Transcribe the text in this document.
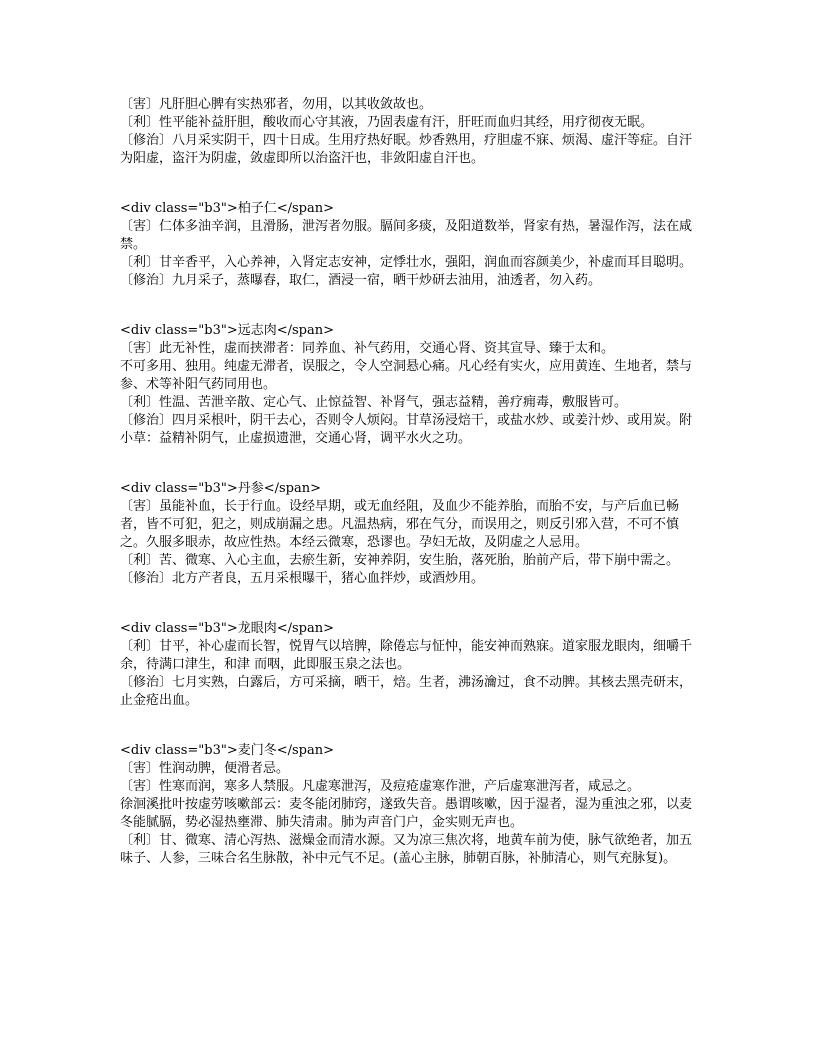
〔害〕凡肝胆心脾有实热邪者，勿用，以其收敛故也。

〔利〕性平能补益肝胆，酸收而心守其液，乃固表虚有汗，肝旺而血归其经，用疗彻夜无眠。

〔修治〕八月采实阴干，四十日成。生用疗热好眠。炒香熟用，疗胆虚不寐、烦渴、虚汗等症。自汗为阳虚，盗汗为阴虚，敛虚即所以治盗汗也，非敛阳虚自汗也。

<div class="b3">柏子仁</span>

〔害〕仁体多油辛润，且滑肠，泄泻者勿服。膈间多痰，及阳道数举，肾家有热，暑湿作泻，法在咸禁。

〔利〕甘辛香平，入心养神，入肾定志安神，定悸壮水，强阳，润血而容颜美少，补虚而耳目聪明。

〔修治〕九月采子，蒸曝舂，取仁，酒浸一宿，晒干炒研去油用，油透者，勿入药。

<div class="b3">远志肉</span>

〔害〕此无补性，虚而挟滞者：同养血、补气药用，交通心肾、资其宣导、臻于太和。

不可多用、独用。纯虚无滞者，误服之，令人空洞悬心痛。凡心经有实火，应用黄连、生地者，禁与参、术等补阳气药同用也。

〔利〕性温、苦泄辛散、定心气、止惊益智、补肾气，强志益精，善疗痈毒，敷服皆可。

〔修治〕四月采根叶，阴干去心，否则令人烦闷。甘草汤浸焙干，或盐水炒、或姜汁炒、或用炭。附小草：益精补阴气，止虚损遗泄，交通心肾，调平水火之功。

<div class="b3">丹参</span>

〔害〕虽能补血，长于行血。设经早期，或无血经阻，及血少不能养胎，而胎不安，与产后血已畅者，皆不可犯，犯之，则成崩漏之患。凡温热病，邪在气分，而误用之，则反引邪入营，不可不慎之。久服多眼赤，故应性热。本经云微寒，恐谬也。孕妇无故，及阴虚之人忌用。

〔利〕苦、微寒、入心主血，去瘀生新，安神养阴，安生胎，落死胎，胎前产后，带下崩中需之。

〔修治〕北方产者良，五月采根曝干，猪心血拌炒，或酒炒用。

<div class="b3">龙眼肉</span>

〔利〕甘平，补心虚而长智，悦胃气以培脾，除倦忘与怔忡，能安神而熟寐。道家服龙眼肉，细嚼千余，待满口津生，和津 而咽，此即服玉泉之法也。

〔修治〕七月实熟，白露后，方可采摘，晒干，焙。生者，沸汤瀹过，食不动脾。其核去黑壳研末，止金疮出血。

<div class="b3">麦门冬</span>

〔害〕性润动脾，便滑者忌。

〔害〕性寒而润，寒多人禁服。凡虚寒泄泻，及痘疮虚寒作泄，产后虚寒泄泻者，咸忌之。

徐洄溪批叶按虚劳咳嗽部云：麦冬能闭肺窍，遂致失音。愚谓咳嗽，因于湿者，湿为重浊之邪，以麦冬能腻膈，势必湿热壅滞、肺失清肃。肺为声音门户，金实则无声也。

〔利〕甘、微寒、清心泻热、滋燥金而清水源。又为凉三焦次将，地黄车前为使，脉气欲绝者，加五味子、人参，三味合名生脉散，补中元气不足。(盖心主脉，肺朝百脉，补肺清心，则气充脉复)。
